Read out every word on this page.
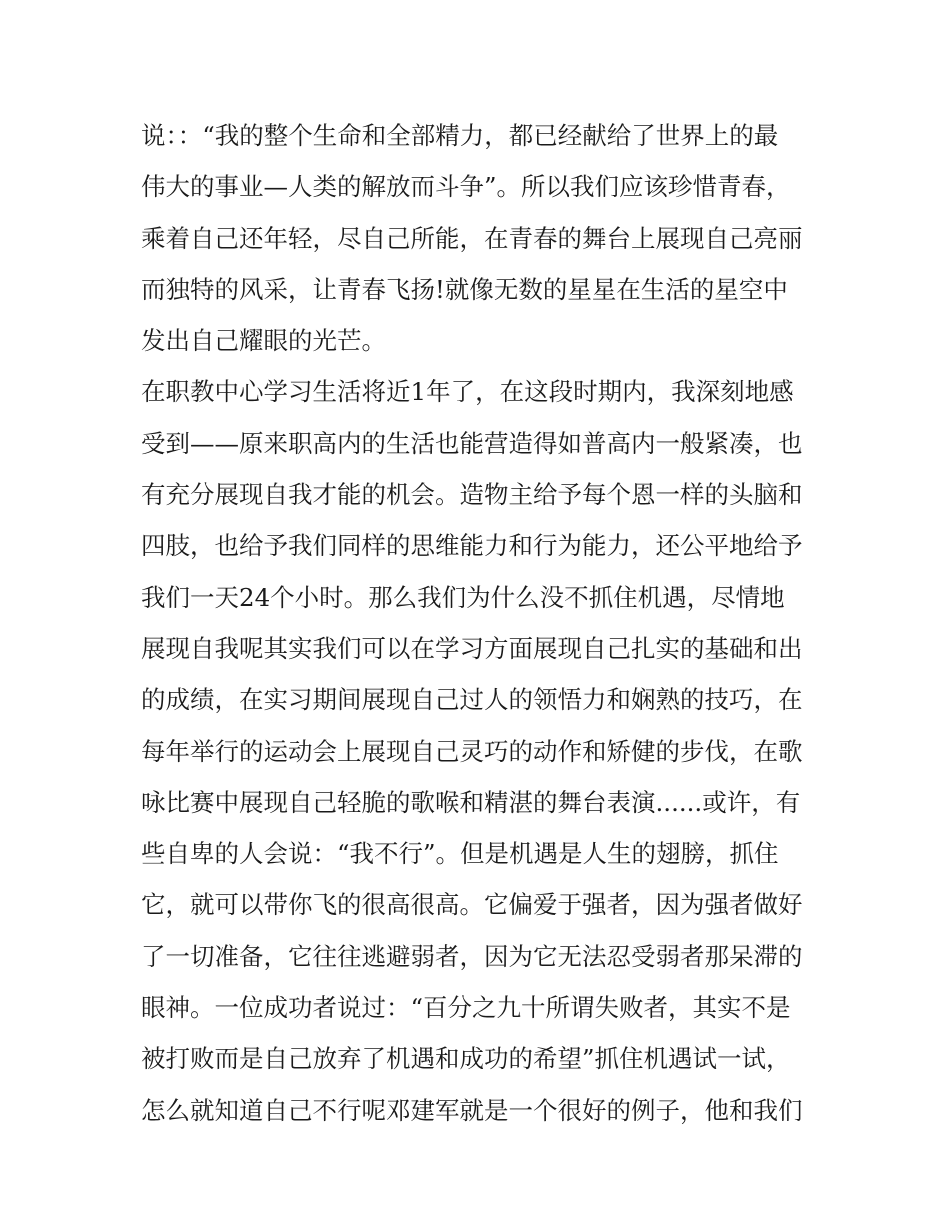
说：：“我的整个生命和全部精力，都已经献给了世界上的最
伟大的事业—人类的解放而斗争”。所以我们应该珍惜青春，
乘着自己还年轻，尽自己所能，在青春的舞台上展现自己亮丽
而独特的风采，让青春飞扬!就像无数的星星在生活的星空中
发出自己耀眼的光芒。
在职教中心学习生活将近1年了，在这段时期内，我深刻地感
受到——原来职高内的生活也能营造得如普高内一般紧凑，也
有充分展现自我才能的机会。造物主给予每个恩一样的头脑和
四肢，也给予我们同样的思维能力和行为能力，还公平地给予
我们一天24个小时。那么我们为什么没不抓住机遇，尽情地
展现自我呢其实我们可以在学习方面展现自己扎实的基础和出
的成绩，在实习期间展现自己过人的领悟力和娴熟的技巧，在
每年举行的运动会上展现自己灵巧的动作和矫健的步伐，在歌
咏比赛中展现自己轻脆的歌喉和精湛的舞台表演......或许，有
些自卑的人会说：“我不行”。但是机遇是人生的翅膀，抓住
它，就可以带你飞的很高很高。它偏爱于强者，因为强者做好
了一切准备，它往往逃避弱者，因为它无法忍受弱者那呆滞的
眼神。一位成功者说过：“百分之九十所谓失败者，其实不是
被打败而是自己放弃了机遇和成功的希望”抓住机遇试一试，
怎么就知道自己不行呢邓建军就是一个很好的例子，他和我们
